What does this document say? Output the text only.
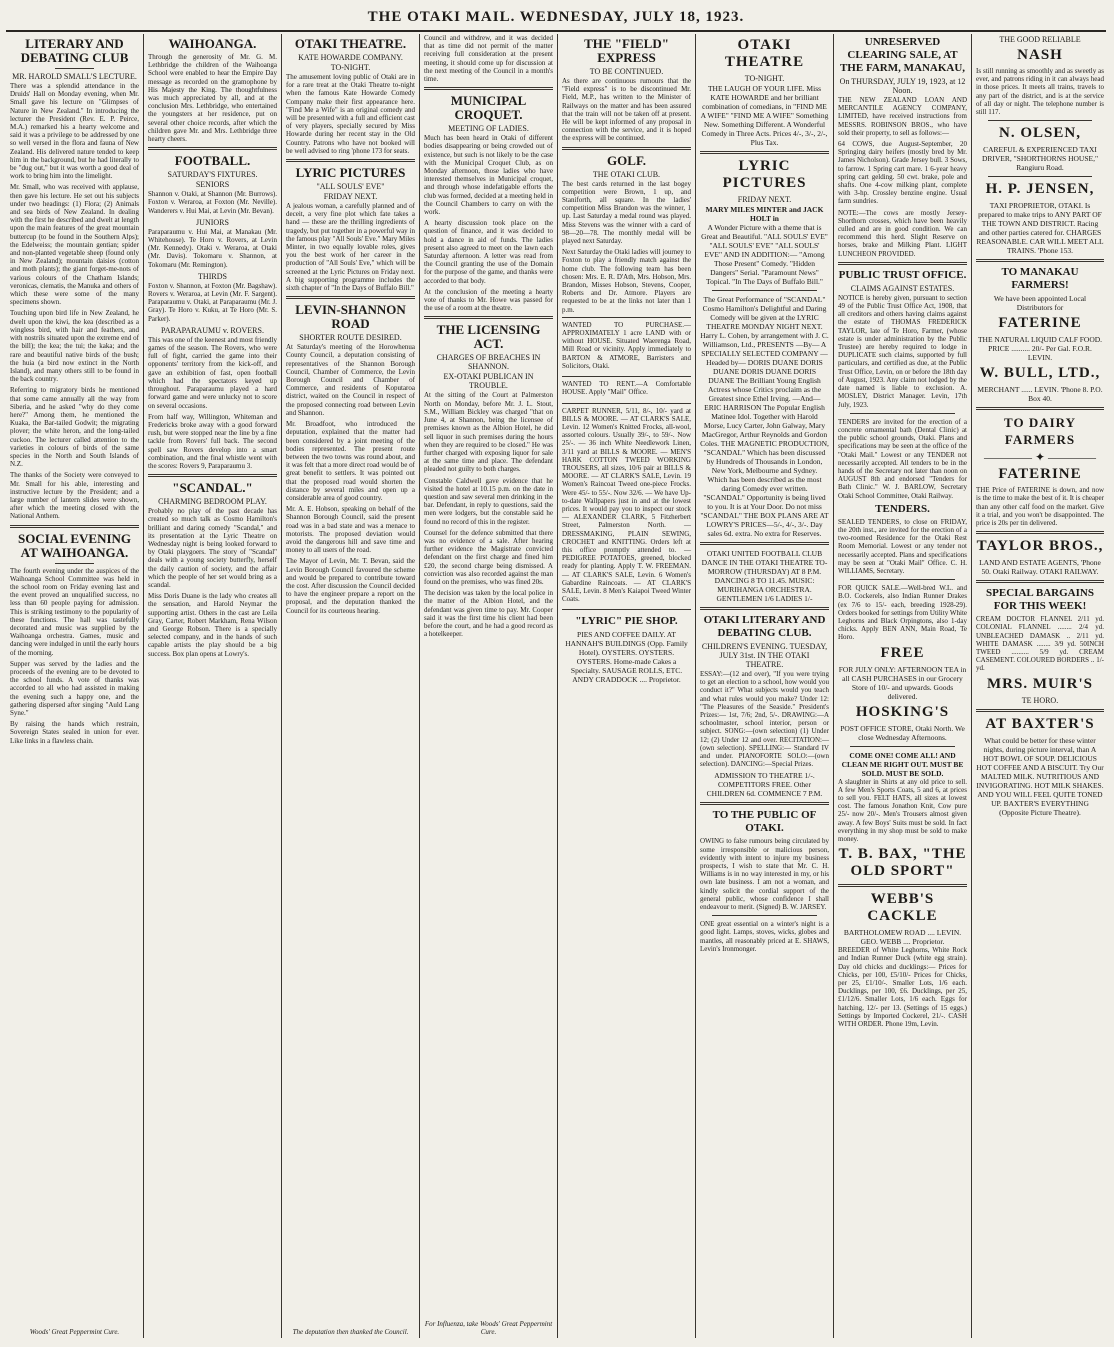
THE OTAKI MAIL. WEDNESDAY, JULY 18, 1923.
LITERARY AND DEBATING CLUB
MR. HAROLD SMALL'S LECTURE.

There was a splendid attendance in the Druids' Hall on Monday evening, when Mr. Small gave his lecture on "Glimpses of Nature in New Zealand." In introducing the lecturer the President (Rev. E. P. Peirce, M.A.) remarked his a hearty welcome and said it was a privilege to be addressed by one so well versed in the flora and fauna of New Zealand. His delivered nature tended to keep him in the background, but he had literally to be "dug out," but it was worth a good deal of work to bring him into the limelight.

Mr. Small, who was received with applause, then gave his lecture. He set out his subjects under two headings: (1) Flora; (2) Animals and sea birds of New Zealand. In dealing with the first he described and dwelt at length upon the main features of the great mountain buttercup (to be found in the Southern Alps); the Edelweiss; the mountain gentian; spider and non-planted vegetable sheep (found only in New Zealand); mountain daisies (cotton and moth plants); the giant forget-me-nots of various colours of the Chatham Islands; veronicas, clematis, the Manuka and others of which these were some of the many specimens shown.

Touching upon bird life in New Zealand, he dwelt upon the kiwi, the kea (described as a wingless bird, with hair and feathers, and with nostrils situated upon the extreme end of the bill); the kea; the tui; the kaka; and the rare and beautiful native birds of the bush; the huia (a bird now extinct in the North Island), and many others still to be found in the back country.

Referring to migratory birds he mentioned that some came annually all the way from Siberia, and he asked "why do they come here?" Among them, he mentioned the Kuaka, the Bar-tailed Godwit; the migrating plover; the white heron, and the long-tailed cuckoo. The lecturer called attention to the varieties in colours of birds of the same species in the North and South Islands of N.Z.

The thanks of the Society were conveyed to Mr. Small for his able, interesting and instructive lecture by the President; and a large number of lantern slides were shown, after which the meeting closed with the National Anthem.

SOCIAL EVENING AT WAIHOANGA.

The fourth evening under the auspices of the Waihoanga School Committee was held in the school room on Friday evening last and the event proved an unqualified success, no less than 60 people paying for admission. This is striking testimony to the popularity of these functions. The hall was tastefully decorated and music was supplied by the Waihoanga orchestra. Games, music and dancing were indulged in until the early hours of the morning.

Supper was served by the ladies and the proceeds of the evening are to be devoted to the school funds. A vote of thanks was accorded to all who had assisted in making the evening such a happy one, and the gathering dispersed after singing "Auld Lang Syne."

By raising the hands which restrain, Sovereign States sealed in union for ever. Like links in a flawless chain.

Woods' Great Peppermint Cure.
WAIHOANGA.

Through the generosity of Mr. G. M. Lethbridge the children of the Waihoanga School were enabled to hear the Empire Day message as recorded on the gramophone by His Majesty the King. The thoughtfulness was much appreciated by all, and at the conclusion Mrs. Lethbridge, who entertained the youngsters at her residence, put on several other choice records, after which the children gave Mr. and Mrs. Lethbridge three hearty cheers.

FOOTBALL.
SATURDAY'S FIXTURES.
SENIORS

Shannon v. Otaki, at Shannon (Mr. Burrows). Foxton v. Weraroa, at Foxton (Mr. Neville). Wanderers v. Hui Mai, at Levin (Mr. Bevan).

JUNIORS

Paraparaumu v. Hui Mai, at Manakau (Mr. Whitehouse). Te Horo v. Rovers, at Levin (Mr. Kennedy). Otaki v. Weraroa, at Otaki (Mr. Davis). Tokomaru v. Shannon, at Tokomaru (Mr. Remington).

THIRDS

Foxton v. Shannon, at Foxton (Mr. Bagshaw). Rovers v. Weraroa, at Levin (Mr. F. Sargent). Paraparaumu v. Otaki, at Paraparaumu (Mr. J. Gray). Te Horo v. Kuku, at Te Horo (Mr. S. Parker).

PARAPARAUMU v. ROVERS.

This was one of the keenest and most friendly games of the season. The Rovers, who were full of fight, carried the game into their opponents' territory from the kick-off, and gave an exhibition of fast, open football which had the spectators keyed up throughout. Paraparaumu played a hard forward game and were unlucky not to score on several occasions.

From half way, Willington, Whiteman and Fredericks broke away with a good forward rush, but were stopped near the line by a fine tackle from Rovers' full back. The second spell saw Rovers develop into a smart combination, and the final whistle went with the scores: Rovers 9, Paraparaumu 3.

"SCANDAL."
CHARMING BEDROOM PLAY.

Probably no play of the past decade has created so much talk as Cosmo Hamilton's brilliant and daring comedy "Scandal," and its presentation at the Lyric Theatre on Wednesday night is being looked forward to by Otaki playgoers. The story of "Scandal" deals with a young society butterfly, herself the daily caution of society, and the affair which the people of her set would bring as a scandal.

Miss Doris Duane is the lady who creates all the sensation, and Harold Neymar the supporting artist. Others in the cast are Leila Gray, Carter, Robert Markham, Rena Wilson and George Robson. There is a specially selected company, and in the hands of such capable artists the play should be a big success. Box plan opens at Lowry's.

OTAKI THEATRE.
KATE HOWARDE COMPANY.
TO-NIGHT.

The amusement loving public of Otaki are in for a rare treat at the Otaki Theatre to-night when the famous Kate Howarde Comedy Company make their first appearance here. "Find Me a Wife" is an original comedy and will be presented with a full and efficient cast of very players, specially secured by Miss Howarde during her recent stay in the Old Country. Patrons who have not booked will be well advised to ring 'phone 173 for seats.

LYRIC PICTURES
"ALL SOULS' EVE"
FRIDAY NEXT.

A jealous woman, a carefully planned and of deceit, a very fine plot which fate takes a hand — these are the thrilling ingredients of tragedy, but put together in a powerful way in the famous play "All Souls' Eve." Mary Miles Minter, in two equally lovable roles, gives you the best work of her career in the production of "All Souls' Eve," which will be screened at the Lyric Pictures on Friday next. A big supporting programme includes the sixth chapter of "In the Days of Buffalo Bill."

LEVIN-SHANNON ROAD
SHORTER ROUTE DESIRED.

At Saturday's meeting of the Horowhenua County Council, a deputation consisting of representatives of the Shannon Borough Council, Chamber of Commerce, the Levin Borough Council and Chamber of Commerce, and residents of Koputaroa district, waited on the Council in respect of the proposed connecting road between Levin and Shannon.

Mr. Broadfoot, who introduced the deputation, explained that the matter had been considered by a joint meeting of the bodies represented. The present route between the two towns was round about, and it was felt that a more direct road would be of great benefit to settlers. It was pointed out that the proposed road would shorten the distance by several miles and open up a considerable area of good country.

Mr. A. E. Hobson, speaking on behalf of the Shannon Borough Council, said the present road was in a bad state and was a menace to motorists. The proposed deviation would avoid the dangerous hill and save time and money to all users of the road.

The Mayor of Levin, Mr. T. Bevan, said the Levin Borough Council favoured the scheme and would be prepared to contribute toward the cost. After discussion the Council decided to have the engineer prepare a report on the proposal, and the deputation thanked the Council for its courteous hearing.

The deputation then thanked the Council.

Council and withdrew, and it was decided that as time did not permit of the matter receiving full consideration at the present meeting, it should come up for discussion at the next meeting of the Council in a month's time.

MUNICIPAL CROQUET.
MEETING OF LADIES.

Much has been heard in Otaki of different bodies disappearing or being crowded out of existence, but such is not likely to be the case with the Municipal Croquet Club, as on Monday afternoon, those ladies who have interested themselves in Municipal croquet, and through whose indefatigable efforts the club was formed, decided at a meeting held in the Council Chambers to carry on with the work.

A hearty discussion took place on the question of finance, and it was decided to hold a dance in aid of funds. The ladies present also agreed to meet on the lawn each Saturday afternoon. A letter was read from the Council granting the use of the Domain for the purpose of the game, and thanks were accorded to that body.

At the conclusion of the meeting a hearty vote of thanks to Mr. Howe was passed for the use of a room at the theatre.

THE LICENSING ACT.
CHARGES OF BREACHES IN SHANNON.
EX-OTAKI PUBLICAN IN TROUBLE.

At the sitting of the Court at Palmerston North on Monday, before Mr. J. L. Stout, S.M., William Bickley was charged "that on June 4, at Shannon, being the licensee of premises known as the Albion Hotel, he did sell liquor in such premises during the hours when they are required to be closed." He was further charged with exposing liquor for sale at the same time and place. The defendant pleaded not guilty to both charges.

Constable Caldwell gave evidence that he visited the hotel at 10.15 p.m. on the date in question and saw several men drinking in the bar. Defendant, in reply to questions, said the men were lodgers, but the constable said he found no record of this in the register.

Counsel for the defence submitted that there was no evidence of a sale. After hearing further evidence the Magistrate convicted defendant on the first charge and fined him £20, the second charge being dismissed. A conviction was also recorded against the man found on the premises, who was fined 20s.

The decision was taken by the local police in the matter of the Albion Hotel, and the defendant was given time to pay. Mr. Cooper said it was the first time his client had been before the court, and he had a good record as a hotelkeeper.

For Influenza, take Woods' Great Peppermint Cure.
THE "FIELD" EXPRESS
TO BE CONTINUED.

As there are continuous rumours that the "Field express" is to be discontinued Mr. Field, M.P., has written to the Minister of Railways on the matter and has been assured that the train will not be taken off at present. He will be kept informed of any proposal in connection with the service, and it is hoped the express will be continued.

GOLF.
THE OTAKI CLUB.

The best cards returned in the last bogey competition were Brown, 1 up, and Staniforth, all square. In the ladies' competition Miss Brandon was the winner, 1 up. Last Saturday a medal round was played. Miss Stevens was the winner with a card of 98—20—78. The monthly medal will be played next Saturday.

Next Saturday the Otaki ladies will journey to Foxton to play a friendly match against the home club. The following team has been chosen: Mrs. E. R. D'Ath, Mrs. Hobson, Mrs. Brandon, Misses Hobson, Stevens, Cooper, Roberts and Dr. Atmore. Players are requested to be at the links not later than 1 p.m.

WANTED TO PURCHASE.— APPROXIMATELY 1 acre LAND with or without HOUSE. Situated Waerenga Road, Mill Road or vicinity. Apply immediately to BARTON & ATMORE, Barristers and Solicitors, Otaki.

WANTED TO RENT.—A Comfortable HOUSE. Apply "Mail" Office.

CARPET RUNNER, 5/11, 8/-, 10/- yard at BILLS & MOORE. — AT CLARK'S SALE, Levin. 12 Women's Knitted Frocks, all-wool, assorted colours. Usually 39/-, to 59/-. Now 25/-. — 36 inch White Needlework Linen, 3/11 yard at BILLS & MOORE. — MEN'S HARK COTTON TWEED WORKING TROUSERS, all sizes, 10/6 pair at BILLS & MOORE. — AT CLARK'S SALE, Levin. 19 Women's Raincoat Tweed one-piece Frocks. Were 45/- to 55/-. Now 32/6. — We have Up-to-date Wallpapers just in and at the lowest prices. It would pay you to inspect our stock — ALEXANDER CLARK, 5 Fitzherbert Street, Palmerston North. — DRESSMAKING, PLAIN SEWING, CROCHET and KNITTING. Orders left at this office promptly attended to. — PEDIGREE POTATOES, greened, blocked ready for planting. Apply T. W. FREEMAN. — AT CLARK'S SALE, Levin. 6 Women's Gabardine Raincoats. — AT CLARK'S SALE, Levin. 8 Men's Kaiapoi Tweed Winter Coats.

"LYRIC" PIE SHOP.
PIES AND COFFEE DAILY. AT HANNAH'S BUILDINGS (Opp. Family Hotel). OYSTERS. OYSTERS. OYSTERS. Home-made Cakes a Specialty. SAUSAGE ROLLS, ETC. ANDY CRADDOCK .... Proprietor.
OTAKI THEATRE
TO-NIGHT.
THE LAUGH OF YOUR LIFE. Miss KATE HOWARDE and her brilliant combination of comedians, in "FIND ME A WIFE" "FIND ME A WIFE" Something New. Something Different. A Wonderful Comedy in Three Acts. Prices 4/-, 3/-, 2/-, Plus Tax.
LYRIC PICTURES
FRIDAY NEXT.
MARY MILES MINTER and JACK HOLT in
A Wonder Picture with a theme that is Great and Beautiful. "ALL SOULS' EVE" "ALL SOULS' EVE" "ALL SOULS' EVE" AND IN ADDITION:— "Among Those Present" Comedy. "Hidden Dangers" Serial. "Paramount News" Topical. "In The Days of Buffalo Bill."
The Great Performance of "SCANDAL" Cosmo Hamilton's Delightful and Daring Comedy will be given at the LYRIC THEATRE MONDAY NIGHT NEXT. Harry L. Cohen, by arrangement with J. C. Williamson, Ltd., PRESENTS —By— A SPECIALLY SELECTED COMPANY —Headed by— DORIS DUANE DORIS DUANE DORIS DUANE DORIS DUANE The Brilliant Young English Actress whose Critics proclaim as the Greatest since Ethel Irving. —And— ERIC HARRISON The Popular English Matinee Idol. Together with Harold Morse, Lucy Carter, John Galway, Mary MacGregor, Arthur Reynolds and Gordon Coles. THE MAGNETIC PRODUCTION, "SCANDAL" Which has been discussed by Hundreds of Thousands in London, New York, Melbourne and Sydney.
Which has been described as the most daring Comedy ever written. "SCANDAL" Opportunity is being lived to you. It is at Your Door. Do not miss "SCANDAL" THE BOX PLANS ARE AT LOWRY'S PRICES—5/-, 4/-, 3/-. Day sales 6d. extra. No extra for Reserves.
OTAKI UNITED FOOTBALL CLUB DANCE IN THE OTAKI THEATRE TO-MORROW (THURSDAY) AT 8 P.M. DANCING 8 TO 11.45. MUSIC: MURIHANGA ORCHESTRA. GENTLEMEN 1/6 LADIES 1/-
OTAKI LITERARY AND DEBATING CLUB.
CHILDREN'S EVENING. TUESDAY, JULY 31st. IN THE OTAKI THEATRE.

ESSAY:—(12 and over), "If you were trying to get an election to a school, how would you conduct it?" What subjects would you teach and what rules would you make? Under 12: "The Pleasures of the Seaside." President's Prizes:— 1st, 7/6; 2nd, 5/-. DRAWING:—A schoolmaster, school interior, person or subject. SONG:—(own selection) (1) Under 12; (2) Under 12 and over. RECITATION:—(own selection). SPELLING:— Standard IV and under. PIANOFORTE SOLO:—(own selection). DANCING:—Special Prizes.

ADMISSION TO THEATRE 1/-. COMPETITORS FREE. Other CHILDREN 6d. COMMENCE 7 P.M.
TO THE PUBLIC OF OTAKI.

OWING to false rumours being circulated by some irresponsible or malicious person, evidently with intent to injure my business prospects, I wish to state that Mr. C. H. Williams is in no way interested in my, or his own late business. I am not a woman, and kindly solicit the cordial support of the general public, whose confidence I shall endeavour to merit. (Signed) B. W. JARSEY.

ONE great essential on a winter's night is a good light. Lamps, stoves, wicks, globes and mantles, all reasonably priced at E. SHAWS, Levin's Ironmonger.

UNRESERVED CLEARING SALE, AT THE FARM, MANAKAU,
On THURSDAY, JULY 19, 1923, at 12 Noon.

THE NEW ZEALAND LOAN AND MERCANTILE AGENCY COMPANY, LIMITED, have received instructions from MESSRS. ROBINSON BROS., who have sold their property, to sell as follows:—

64 COWS, due August-September, 20 Springing dairy heifers (mostly bred by Mr. James Nicholson). Grade Jersey bull. 3 Sows, to farrow. 1 Spring cart mare. 1 6-year heavy spring cart gelding. 50 cwt. brake, pole and shafts. One 4-cow milking plant, complete with 3-hp. Crossley benzine engine. Usual farm sundries.

NOTE:—The cows are mostly Jersey-Shorthorn crosses, which have been heavily culled and are in good condition. We can recommend this herd. Slight Reserve on horses, brake and Milking Plant. LIGHT LUNCHEON PROVIDED.

PUBLIC TRUST OFFICE.
CLAIMS AGAINST ESTATES.

NOTICE is hereby given, pursuant to section 49 of the Public Trust Office Act, 1908, that all creditors and others having claims against the estate of THOMAS FREDERICK TAYLOR, late of Te Horo, Farmer, (whose estate is under administration by the Public Trustee) are hereby required to lodge in DUPLICATE such claims, supported by full particulars, and certified as due, at the Public Trust Office, Levin, on or before the 18th day of August, 1923. Any claim not lodged by the date named is liable to exclusion. A. MOSLEY, District Manager. Levin, 17th July, 1923.

TENDERS are invited for the erection of a concrete ornamental bath (Dental Clinic) at the public school grounds, Otaki. Plans and specifications may be seen at the office of the "Otaki Mail." Lowest or any TENDER not necessarily accepted. All tenders to be in the hands of the Secretary not later than noon on AUGUST 8th and endorsed "Tenders for Bath Clinic." W. J. BARLOW, Secretary Otaki School Committee, Otaki Railway.

TENDERS.

SEALED TENDERS, to close on FRIDAY, the 20th inst., are invited for the erection of a two-roomed Residence for the Otaki Rest Room Memorial. Lowest or any tender not necessarily accepted. Plans and specifications may be seen at "Otaki Mail" Office. C. H. WILLIAMS, Secretary.

FOR QUICK SALE.—Well-bred W.L. and B.O. Cockerels, also Indian Runner Drakes (ex 7/6 to 15/- each, breeding 1928-29). Orders booked for settings from Utility White Leghorns and Black Orpingtons, also 1-day chicks. Apply BEN ANN, Main Road, Te Horo.

FREE
FOR JULY ONLY: AFTERNOON TEA in all CASH PURCHASES in our Grocery Store of 10/- and upwards. Goods delivered.
HOSKING'S
POST OFFICE STORE, Otaki North. We close Wednesday Afternoons.
COME ONE! COME ALL! AND CLEAN ME RIGHT OUT. MUST BE SOLD. MUST BE SOLD.

A slaughter in Shirts at any old price to sell. A few Men's Sports Coats, 5 and 6, at prices to sell you. FELT HATS, all sizes at lowest cost. The famous Jonathon Knit, Cow pure 25/- now 20/-. Men's Trousers almost given away. A few Boys' Suits must be sold. In fact everything in my shop must be sold to make money.

T. B. BAX, "THE OLD SPORT"
WEBB'S CACKLE
BARTHOLOMEW ROAD .... LEVIN. GEO. WEBB .... Proprietor.

BREEDER of White Leghorns, White Rock and Indian Runner Duck (white egg strain). Day old chicks and ducklings:— Prices for Chicks, per 100, £5/10/- Prices for Chicks, per 25, £1/10/-. Smaller Lots, 1/6 each. Ducklings, per 100, £6. Ducklings, per 25, £1/12/6. Smaller Lots, 1/6 each. Eggs for hatching, 12/- per 13. (Settings of 15 eggs.) Settings by Imported Cockerel, 21/-. CASH WITH ORDER. Phone 19m, Levin.

THE GOOD RELIABLE
NASH

Is still running as smoothly and as sweetly as ever, and patrons riding in it can always head in those prices. It meets all trains, travels to any part of the district, and is at the service of all day or night. The telephone number is still 117.

N. OLSEN,
CAREFUL & EXPERIENCED TAXI DRIVER, "SHORTHORNS HOUSE," Rangiuru Road.
H. P. JENSEN,
TAXI PROPRIETOR, OTAKI. Is prepared to make trips to ANY PART OF THE TOWN AND DISTRICT. Racing and other parties catered for. CHARGES REASONABLE. CAR WILL MEET ALL TRAINS. 'Phone 153.
TO MANAKAU FARMERS!
We have been appointed Local Distributors for
FATERINE
THE NATURAL LIQUID CALF FOOD. PRICE .......... 20/- Per Gal. F.O.R. LEVIN.
W. BULL, LTD.,
MERCHANT ...... LEVIN. 'Phone 8. P.O. Box 40.
TO DAIRY FARMERS
———— ✦ ————
FATERINE

THE Price of FATERINE is down, and now is the time to make the best of it. It is cheaper than any other calf food on the market. Give it a trial, and you won't be disappointed. The price is 20s per tin delivered.

TAYLOR BROS.,
LAND AND ESTATE AGENTS, 'Phone 50. Otaki Railway. OTAKI RAILWAY.
SPECIAL BARGAINS FOR THIS WEEK!

CREAM DOCTOR FLANNEL 2/11 yd. COLONIAL FLANNEL ........ 2/4 yd. UNBLEACHED DAMASK .. 2/11 yd. WHITE DAMASK ........ 3/9 yd. 50INCH TWEED .......... 5/9 yd. CREAM CASEMENT. COLOURED BORDERS .. 1/- yd.

MRS. MUIR'S
TE HORO.
AT BAXTER'S
What could be better for these winter nights, during picture interval, than A HOT BOWL OF SOUP. DELICIOUS HOT COFFEE AND A BISCUIT. Try Our MALTED MILK. NUTRITIOUS AND INVIGORATING. HOT MILK SHAKES. AND YOU WILL FEEL QUITE TONED UP. BAXTER'S EVERYTHING (Opposite Picture Theatre).
